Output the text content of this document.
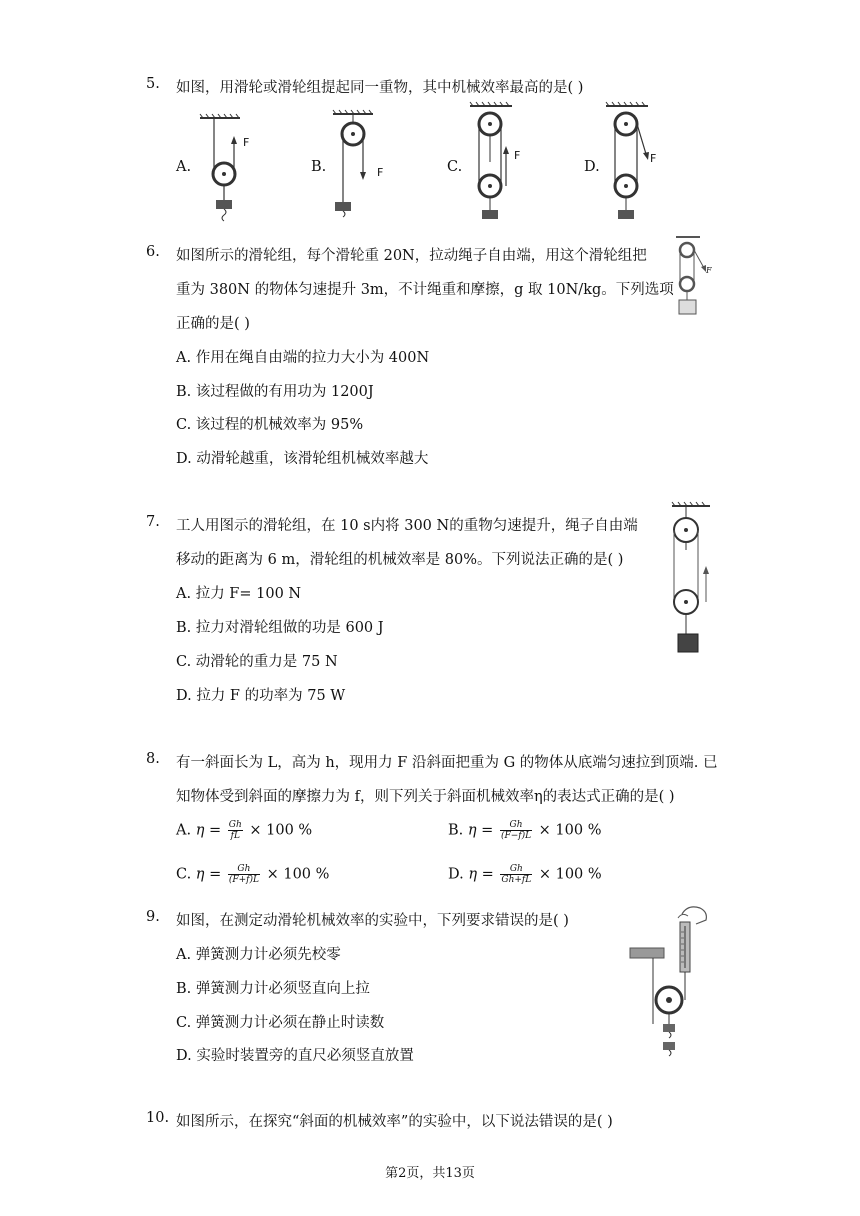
5. 如图，用滑轮或滑轮组提起同一重物，其中机械效率最高的是( )
A.	B.	C.	D.
F
F
F	F
6. 如图所示的滑轮组，每个滑轮重 20N，拉动绳子自由端，用这个滑轮组把
重为 380N 的物体匀速提升 3m，不计绳重和摩擦，g 取 10N/kg。下列选项
正确的是( )
A. 作用在绳自由端的拉力大小为 400N
B. 该过程做的有用功为 1200J
C. 该过程的机械效率为 95%
D. 动滑轮越重，该滑轮组机械效率越大
F
7. 工人用图示的滑轮组，在 10 s内将 300 N的重物匀速提升，绳子自由端
移动的距离为 6 m，滑轮组的机械效率是 80%。下列说法正确的是( )
A. 拉力 F= 100 N
B. 拉力对滑轮组做的功是 600 J
C. 动滑轮的重力是 75 N
D. 拉力 F 的功率为 75 W
8. 有一斜面长为 L，高为 h，现用力 F 沿斜面把重为 G 的物体从底端匀速拉到顶端. 已
知物体受到斜面的摩擦力为 f，则下列关于斜面机械效率η的表达式正确的是( )
A. $\eta = \frac{Gh}{fL} \times 100$ %	B. $\eta = \frac{Gh}{(F-f)L} \times 100$ %
C. $\eta = \frac{Gh}{(F+f)L} \times 100$ %	D. $\eta = \frac{Gh}{Gh+fL} \times 100$ %
9. 如图，在测定动滑轮机械效率的实验中，下列要求错误的是( )
A. 弹簧测力计必须先校零
B. 弹簧测力计必须竖直向上拉
C. 弹簧测力计必须在静止时读数
D. 实验时装置旁的直尺必须竖直放置
10. 如图所示，在探究“斜面的机械效率”的实验中，以下说法错误的是( )
第2页，共13页
